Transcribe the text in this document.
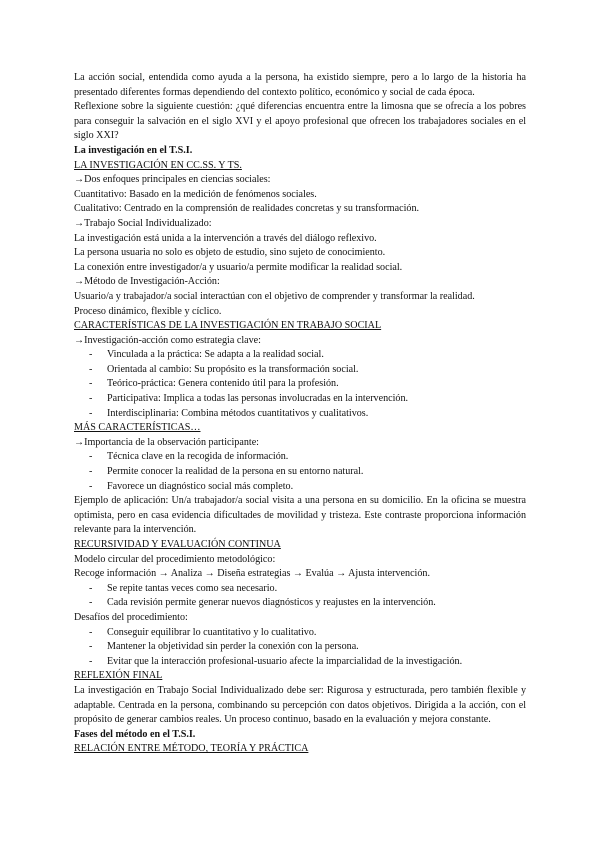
La acción social, entendida como ayuda a la persona, ha existido siempre, pero a lo largo de la historia ha presentado diferentes formas dependiendo del contexto político, económico y social de cada época.

Reflexione sobre la siguiente cuestión: ¿qué diferencias encuentra entre la limosna que se ofrecía a los pobres para conseguir la salvación en el siglo XVI y el apoyo profesional que ofrecen los trabajadores sociales en el siglo XXI?

La investigación en el T.S.I.

LA INVESTIGACIÓN EN CC.SS. Y TS.

→Dos enfoques principales en ciencias sociales:

Cuantitativo: Basado en la medición de fenómenos sociales.

Cualitativo: Centrado en la comprensión de realidades concretas y su transformación.

→Trabajo Social Individualizado:

La investigación está unida a la intervención a través del diálogo reflexivo.

La persona usuaria no solo es objeto de estudio, sino sujeto de conocimiento.

La conexión entre investigador/a y usuario/a permite modificar la realidad social.

→Método de Investigación-Acción:

Usuario/a y trabajador/a social interactúan con el objetivo de comprender y transformar la realidad.

Proceso dinámico, flexible y cíclico.

CARACTERÍSTICAS DE LA INVESTIGACIÓN EN TRABAJO SOCIAL

→Investigación-acción como estrategia clave:

- Vinculada a la práctica: Se adapta a la realidad social.
- Orientada al cambio: Su propósito es la transformación social.
- Teórico-práctica: Genera contenido útil para la profesión.
- Participativa: Implica a todas las personas involucradas en la intervención.
- Interdisciplinaria: Combina métodos cuantitativos y cualitativos.

MÁS CARACTERÍSTICAS…

→Importancia de la observación participante:

- Técnica clave en la recogida de información.
- Permite conocer la realidad de la persona en su entorno natural.
- Favorece un diagnóstico social más completo.

Ejemplo de aplicación: Un/a trabajador/a social visita a una persona en su domicilio. En la oficina se muestra optimista, pero en casa evidencia dificultades de movilidad y tristeza. Este contraste proporciona información relevante para la intervención.

RECURSIVIDAD Y EVALUACIÓN CONTINUA

Modelo circular del procedimiento metodológico:

Recoge información → Analiza → Diseña estrategias → Evalúa → Ajusta intervención.

- Se repite tantas veces como sea necesario.
- Cada revisión permite generar nuevos diagnósticos y reajustes en la intervención.

Desafíos del procedimiento:

- Conseguir equilibrar lo cuantitativo y lo cualitativo.
- Mantener la objetividad sin perder la conexión con la persona.
- Evitar que la interacción profesional-usuario afecte la imparcialidad de la investigación.

REFLEXIÓN FINAL

La investigación en Trabajo Social Individualizado debe ser: Rigurosa y estructurada, pero también flexible y adaptable. Centrada en la persona, combinando su percepción con datos objetivos. Dirigida a la acción, con el propósito de generar cambios reales. Un proceso continuo, basado en la evaluación y mejora constante.

Fases del método en el T.S.I.

RELACIÓN ENTRE MÉTODO, TEORÍA Y PRÁCTICA
